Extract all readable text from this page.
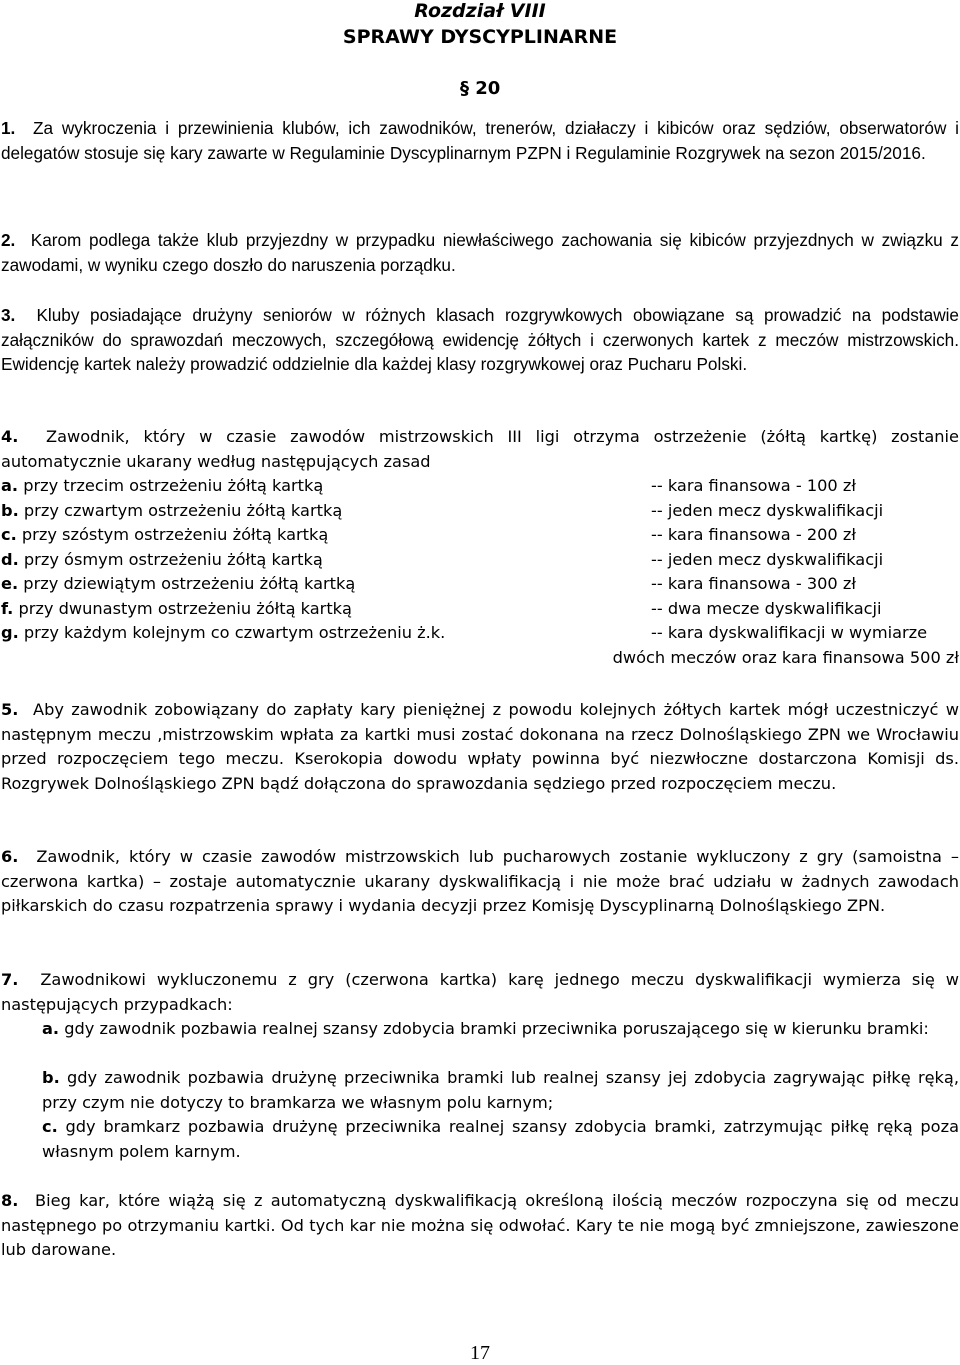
Rozdział VIII
SPRAWY DYSCYPLINARNE
§ 20
1. Za wykroczenia i przewinienia klubów, ich zawodników, trenerów, działaczy i kibiców oraz sędziów, obserwatorów i delegatów stosuje się kary zawarte w Regulaminie Dyscyplinarnym PZPN i Regulaminie Rozgrywek na sezon 2015/2016.
2. Karom podlega także klub przyjezdny w przypadku niewłaściwego zachowania się kibiców przyjezdnych w związku z zawodami, w wyniku czego doszło do naruszenia porządku.
3. Kluby posiadające drużyny seniorów w różnych klasach rozgrywkowych obowiązane są prowadzić na podstawie załączników do sprawozdań meczowych, szczegółową ewidencję żółtych i czerwonych kartek z meczów mistrzowskich. Ewidencję kartek należy prowadzić oddzielnie dla każdej klasy rozgrywkowej oraz Pucharu Polski.
4. Zawodnik, który w czasie zawodów mistrzowskich III ligi otrzyma ostrzeżenie (żółtą kartkę) zostanie automatycznie ukarany według następujących zasad
a. przy trzecim ostrzeżeniu żółtą kartką	-- kara finansowa - 100 zł
b. przy czwartym ostrzeżeniu żółtą kartką	-- jeden mecz dyskwalifikacji
c. przy szóstym ostrzeżeniu żółtą kartką	-- kara finansowa - 200 zł
d. przy ósmym ostrzeżeniu żółtą kartką	-- jeden mecz dyskwalifikacji
e. przy dziewiątym ostrzeżeniu żółtą kartką	-- kara finansowa - 300 zł
f. przy dwunastym ostrzeżeniu żółtą kartką	-- dwa mecze dyskwalifikacji
g. przy każdym kolejnym co czwartym ostrzeżeniu ż.k.	-- kara dyskwalifikacji w wymiarze
dwóch meczów oraz kara finansowa 500 zł
5. Aby zawodnik zobowiązany do zapłaty kary pieniężnej z powodu kolejnych żółtych kartek mógł uczestniczyć w następnym meczu ,mistrzowskim wpłata za kartki musi zostać dokonana na rzecz Dolnośląskiego ZPN we Wrocławiu przed rozpoczęciem tego meczu. Kserokopia dowodu wpłaty powinna być niezwłoczne dostarczona Komisji ds. Rozgrywek Dolnośląskiego ZPN bądź dołączona do sprawozdania sędziego przed rozpoczęciem meczu.
6. Zawodnik, który w czasie zawodów mistrzowskich lub pucharowych zostanie wykluczony z gry (samoistna – czerwona kartka) – zostaje automatycznie ukarany dyskwalifikacją i nie może brać udziału w żadnych zawodach piłkarskich do czasu rozpatrzenia sprawy i wydania decyzji przez Komisję Dyscyplinarną Dolnośląskiego ZPN.
7. Zawodnikowi wykluczonemu z gry (czerwona kartka) karę jednego meczu dyskwalifikacji wymierza się w następujących przypadkach:
a. gdy zawodnik pozbawia realnej szansy zdobycia bramki przeciwnika poruszającego się w kierunku bramki:
b. gdy zawodnik pozbawia drużynę przeciwnika bramki lub realnej szansy jej zdobycia zagrywając piłkę ręką, przy czym nie dotyczy to bramkarza we własnym polu karnym;
c. gdy bramkarz pozbawia drużynę przeciwnika realnej szansy zdobycia bramki, zatrzymując piłkę ręką poza własnym polem karnym.
8. Bieg kar, które wiążą się z automatyczną dyskwalifikacją określoną ilością meczów rozpoczyna się od meczu następnego po otrzymaniu kartki. Od tych kar nie można się odwołać. Kary te nie mogą być zmniejszone, zawieszone lub darowane.
17
